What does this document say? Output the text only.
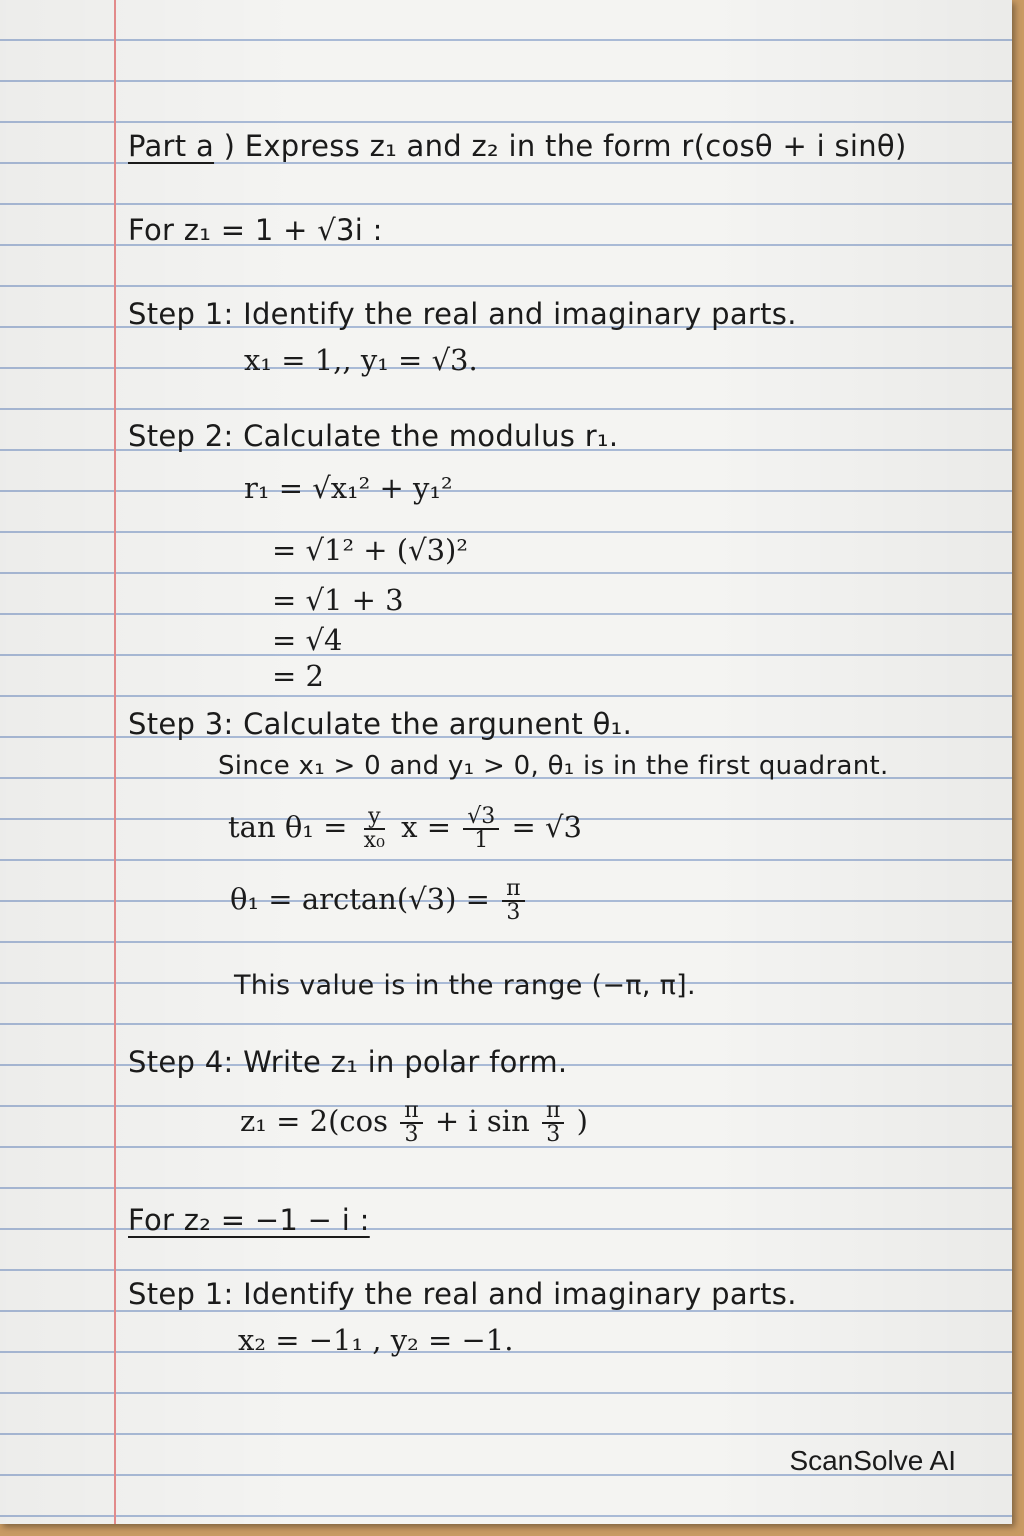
Part a ) Express z₁ and z₂ in the form r(cosθ + i sinθ)
For z₁ = 1 + √3i :
Step 1: Identify the real and imaginary parts.
x₁ = 1,, y₁ = √3.
Step 2: Calculate the modulus r₁.
r₁ = √x₁² + y₁²
= √1² + (√3)²
= √1 + 3
= √4
= 2
Step 3: Calculate the argunent θ₁.
Since x₁ > 0 and y₁ > 0, θ₁ is in the first quadrant.
$\tan \theta_1 = \frac{y}{\text{x₀}}$ $x = \frac{√3}{1} = √3$
$\theta_1 = \arctan(√3) = \frac{\pi}{3}$
This value is in the range (−π, π].
Step 4: Write z₁ in polar form.
$z_1 = 2(\cos \frac{\pi}{3} + i$ $\sin \frac{\pi}{3}$ )
For z₂ = −1 − i :
Step 1: Identify the real and imaginary parts.
x₂ = −1₁ , y₂ = −1.
ScanSolve AI
